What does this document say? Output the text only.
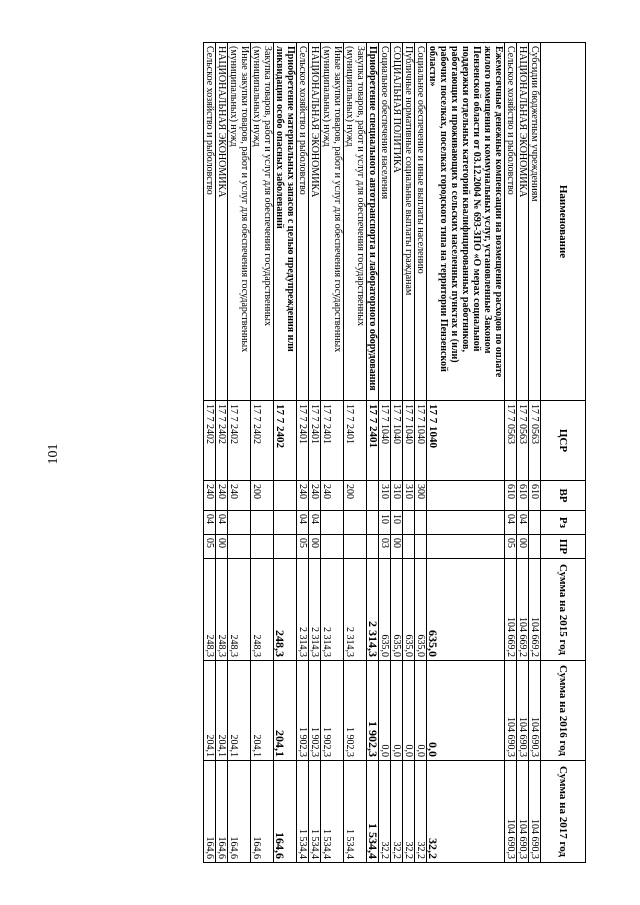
101
Наименование	ЦСР	ВР	Рз	ПР	Сумма на 2015 год	Сумма на 2016 год	Сумма на 2017 год
Субсидии бюджетным учреждениям	17 7 0563	610			104 669,2	104 690,3	104 690,3
НАЦИОНАЛЬНАЯ ЭКОНОМИКА	17 7 0563	610	04	00	104 669,2	104 690,3	104 690,3
Сельское хозяйство и рыболовство	17 7 0563	610	04	05	104 669,2	104 690,3	104 690,3
Ежемесячные денежные компенсации на возмещение расходов по оплате жилого помещения и коммунальных услуг, установленные Законом Пензенской области от 03.12.2004 № 693-ЗПО «О мерах социальной поддержки отдельных категорий квалифицированных работников, работающих и проживающих в сельских населенных пунктах и (или) рабочих поселках, поселках городского типа на территории Пензенской области»	17 7 1040				635,0	0,0	32,2
Социальное обеспечение и иные выплаты населению	17 7 1040	300			635,0	0,0	32,2
Публичные нормативные социальные выплаты гражданам	17 7 1040	310			635,0	0,0	32,2
СОЦИАЛЬНАЯ ПОЛИТИКА	17 7 1040	310	10	00	635,0	0,0	32,2
Социальное обеспечение населения	17 7 1040	310	10	03	635,0	0,0	32,2
Приобретение специального автотранспорта и лабораторного оборудования	17 7 2401				2 314,3	1 902,3	1 534,4
Закупка товаров, работ и услуг для обеспечения государственных (муниципальных) нужд	17 7 2401	200			2 314,3	1 902,3	1 534,4
Иные закупки товаров, работ и услуг для обеспечения государственных (муниципальных) нужд	17 7 2401	240			2 314,3	1 902,3	1 534,4
НАЦИОНАЛЬНАЯ ЭКОНОМИКА	17 7 2401	240	04	00	2 314,3	1 902,3	1 534,4
Сельское хозяйство и рыболовство	17 7 2401	240	04	05	2 314,3	1 902,3	1 534,4
Приобретение материальных запасов с целью предупреждения или ликвидации особо опасных заболеваний	17 7 2402				248,3	204,1	164,6
Закупка товаров, работ и услуг для обеспечения государственных (муниципальных) нужд	17 7 2402	200			248,3	204,1	164,6
Иные закупки товаров, работ и услуг для обеспечения государственных (муниципальных) нужд	17 7 2402	240			248,3	204,1	164,6
НАЦИОНАЛЬНАЯ ЭКОНОМИКА	17 7 2402	240	04	00	248,3	204,1	164,6
Сельское хозяйство и рыболовство	17 7 2402	240	04	05	248,3	204,1	164,6
